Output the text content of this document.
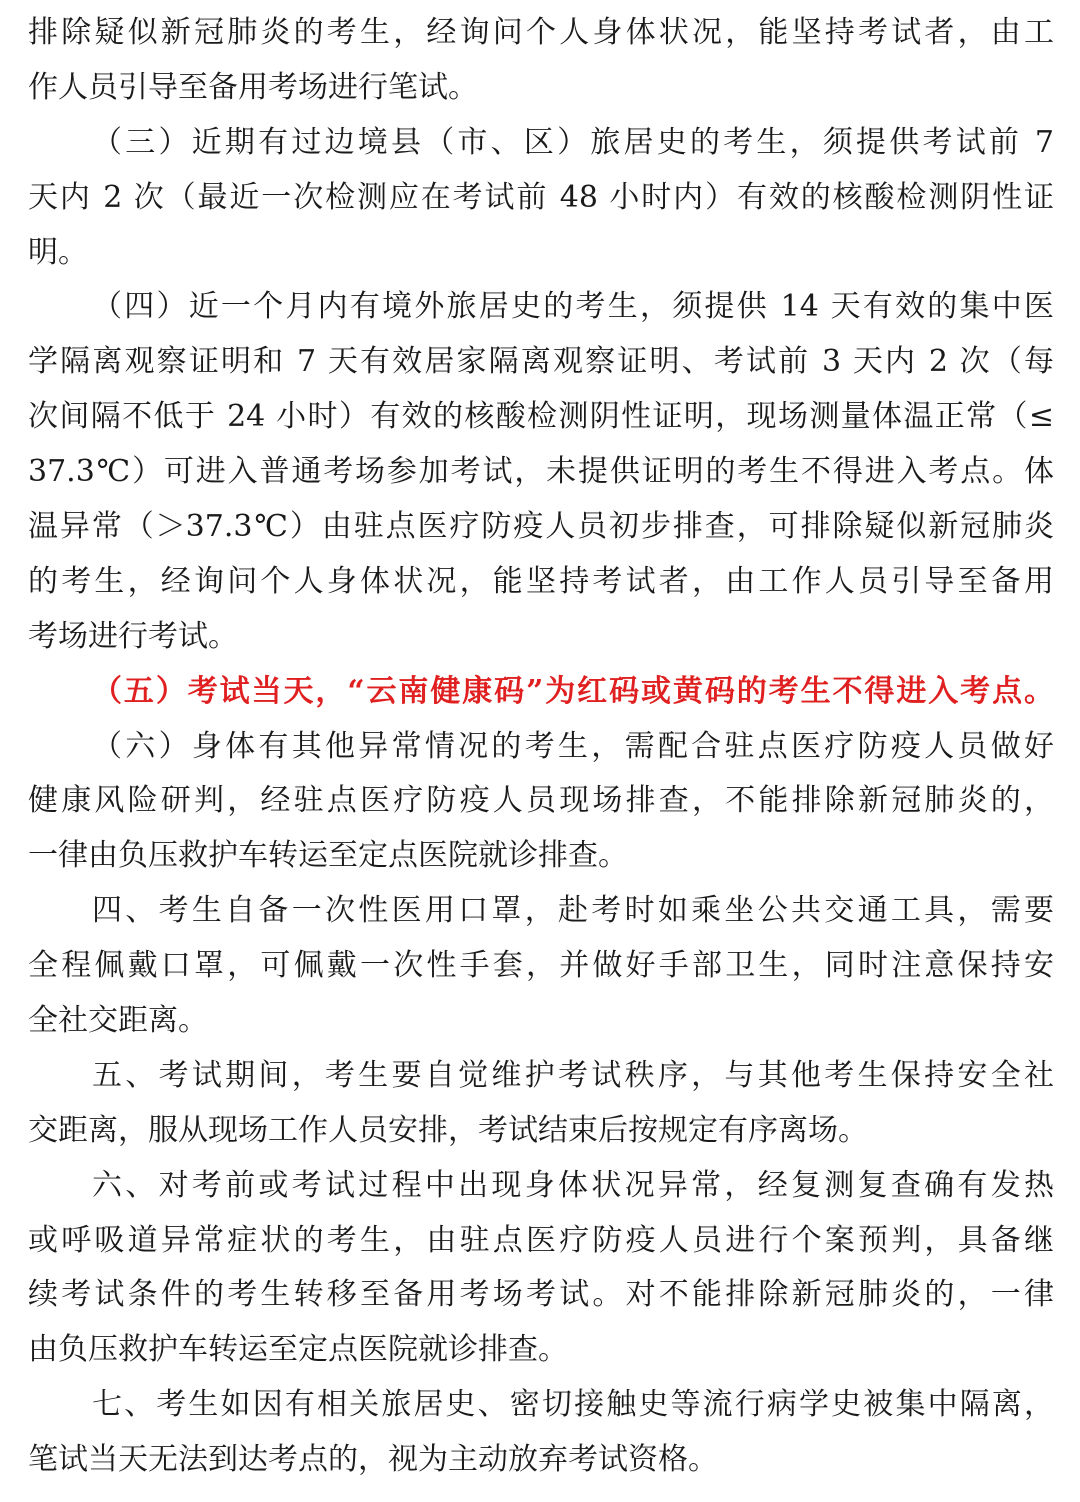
排除疑似新冠肺炎的考生，经询问个人身体状况，能坚持考试者，由工
作人员引导至备用考场进行笔试。
（三）近期有过边境县（市、区）旅居史的考生，须提供考试前 7
天内 2 次（最近一次检测应在考试前 48 小时内）有效的核酸检测阴性证
明。
（四）近一个月内有境外旅居史的考生，须提供 14 天有效的集中医
学隔离观察证明和 7 天有效居家隔离观察证明、考试前 3 天内 2 次（每
次间隔不低于 24 小时）有效的核酸检测阴性证明，现场测量体温正常（≤
37.3℃）可进入普通考场参加考试，未提供证明的考生不得进入考点。体
温异常（＞37.3℃）由驻点医疗防疫人员初步排查，可排除疑似新冠肺炎
的考生，经询问个人身体状况，能坚持考试者，由工作人员引导至备用
考场进行考试。
（五）考试当天，“云南健康码”为红码或黄码的考生不得进入考点。
（六）身体有其他异常情况的考生，需配合驻点医疗防疫人员做好
健康风险研判，经驻点医疗防疫人员现场排查，不能排除新冠肺炎的，
一律由负压救护车转运至定点医院就诊排查。
四、考生自备一次性医用口罩，赴考时如乘坐公共交通工具，需要
全程佩戴口罩，可佩戴一次性手套，并做好手部卫生，同时注意保持安
全社交距离。
五、考试期间，考生要自觉维护考试秩序，与其他考生保持安全社
交距离，服从现场工作人员安排，考试结束后按规定有序离场。
六、对考前或考试过程中出现身体状况异常，经复测复查确有发热
或呼吸道异常症状的考生，由驻点医疗防疫人员进行个案预判，具备继
续考试条件的考生转移至备用考场考试。对不能排除新冠肺炎的，一律
由负压救护车转运至定点医院就诊排查。
七、考生如因有相关旅居史、密切接触史等流行病学史被集中隔离，
笔试当天无法到达考点的，视为主动放弃考试资格。
